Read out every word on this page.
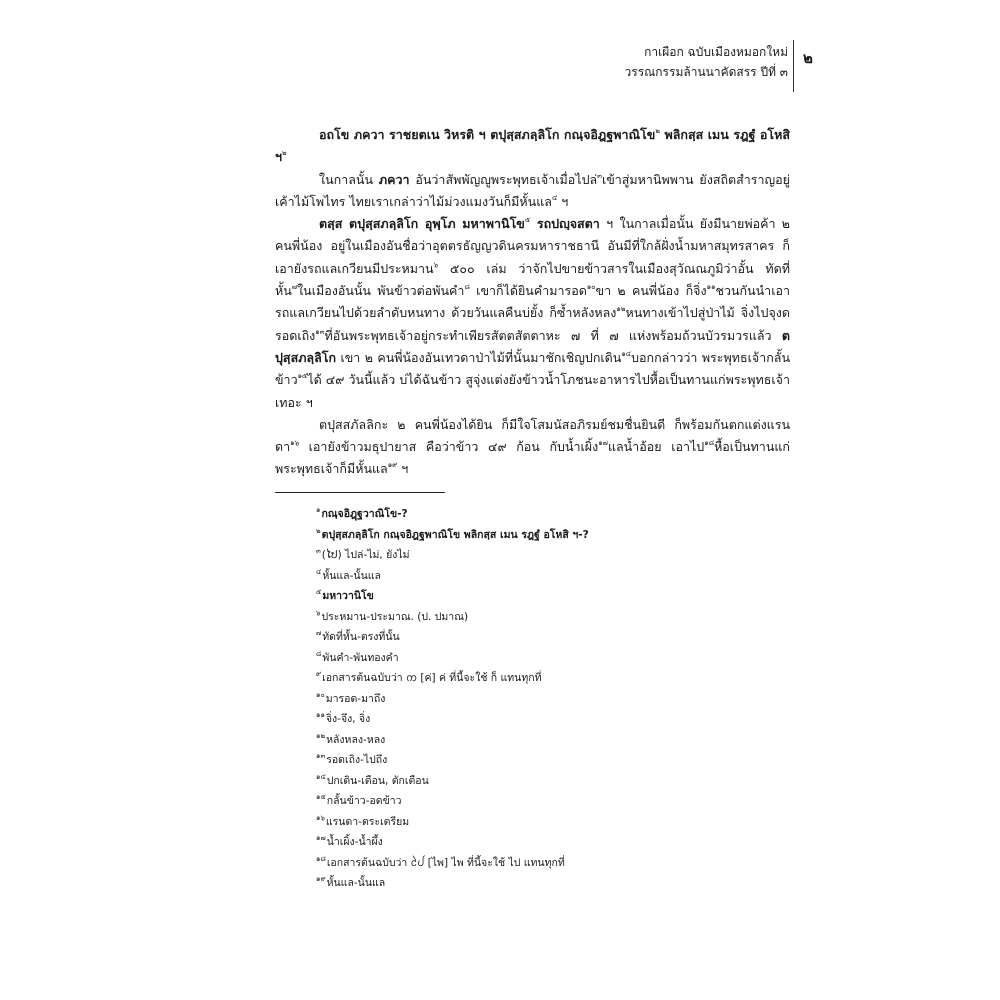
กาเผือก ฉบับเมืองหมอกใหม่
วรรณกรรมล้านนาคัดสรร ปีที่ ๓
๒

อถโข ภควา ราชยตเน วิหรติ ฯ ตปุสฺสภลฺลิโก กณฺจอิฎฐพาณิโข$^๒$ พลิกสฺส เมน รฎฐํ อโหสิ ฯ$^๒$

ในกาลนั้น ภควา อันว่าสัพพัญญูพระพุทธเจ้าเมื่อไปล่$^๓$เข้าสู่มหานิพพาน ยังสถิตสำราญอยู่เค้าไม้โพไทร ไทยเราเกล่าว่าไม้ม่วงแมงวันก็มีหั้นแล$^๔$ ฯ

ตสฺส ตปุสฺสภลฺลิโก อุพฺโภ มหาพานิโข$^๕$ รถปญฺจสตา ฯ ในกาลเมื่อนั้น ยังมีนายพ่อค้า ๒ คนพี่น้อง อยู่ในเมืองอันชื่อว่าอุตตรธัญญวดินครมหาราชธานี อันมีที่ใกล้ฝั่งน้ำมหาสมุทรสาคร ก็เอายังรถแลเกวียนมีประหมาน$^๖$ ๕๐๐ เล่ม ว่าจักไปขายข้าวสารในเมืองสุวัณณภูมิว่าอั้น ทัดที่หั้น$^๗$ในเมืองอันนั้น พันข้าวต่อพันคำ$^๘$ เขาก็ได้ยินคำมารอด$^{๑๐}$ขา ๒ คนพี่น้อง ก็จิ่ง$^{๑๑}$ชวนกันนำเอารถแลเกวียนไปด้วยลำดับหนทาง ด้วยวันแลคืนบ่ยั้ง ก็ซ้ำหลังหลง$^{๑๒}$หนทางเข้าไปสู่ป่าไม้ จิ่งไปจุงดรอดเถิง$^{๑๓}$ที่อันพระพุทธเจ้าอยู่กระทำเพียรสัตตสัตตาหะ ๗ ที่ ๗ แห่งพร้อมถ้วนบัวรมวรแล้ว ตปุสฺสภลฺลิโก เขา ๒ คนพี่น้องอันเทวดาป่าไม้ที่นั้นมาชักเชิญปกเดิน$^{๑๔}$บอกกล่าวว่า พระพุทธเจ้ากลั้นข้าว$^{๑๕}$ได้ ๔๙ วันนี้แล้ว บ่ได้ฉันข้าว สูจุ่งแต่งยังข้าวน้ำโภชนะอาหารไปหื้อเป็นทานแก่พระพุทธเจ้าเทอะ ฯ

ตปุสสภัลลิกะ ๒ คนพี่น้องได้ยิน ก็มีใจโสมนัสอภิรมย์ชมชื่นยินดี ก็พร้อมกันตกแต่งแรนดา$^{๑๖}$ เอายังข้าวมธุปายาส คือว่าข้าว ๔๙ ก้อน กับน้ำเผิ้ง$^{๑๗}$แลน้ำอ้อย เอาไป$^{๑๘}$หื้อเป็นทานแก่พระพุทธเจ้าก็มีหั้นแล$^{๑๙}$ ฯ

$^๑$กณฺจอิฎฺฐวาณิโข-?
$^๒$ตปุสฺสภลฺลิโก กณฺจอิฎฐพาณิโข พลิกสฺส เมน รฎฐํ อโหสิ ฯ-?
$^๓$(ໄປ) ไปล่-ไม่, ยังไม่
$^๔$หั้นแล-นั้นแล
$^๕$มหาวานิโข
$^๖$ประหมาน-ประมาณ. (ป. ปมาณ)
$^๗$ทัดที่หั้น-ตรงที่นั้น
$^๘$พันคำ-พันทองคำ
$^๙$เอกสารต้นฉบับว่า ᨠ [ค่] ค่ ที่นี้จะใช้ ก็ แทนทุกที่
$^{๑๐}$มารอด-มาถึง
$^{๑๑}$จิ่ง-จึง, จิ่ง
$^{๑๒}$หลังหลง-หลง
$^{๑๓}$รอดเถิง-ไปถึง
$^{๑๔}$ปกเดิน-เตือน, ตักเตือน
$^{๑๕}$กลั้นข้าว-อดข้าว
$^{๑๖}$แรนดา-ตระเตรียม
$^{๑๗}$น้ำเผิ้ง-น้ำผึ้ง
$^{๑๘}$เอกสารต้นฉบับว่า ᩱᨸ [ไพ] ไพ ที่นี้จะใช้ ไป แทนทุกที่
$^{๑๙}$หั้นแล-นั้นแล
